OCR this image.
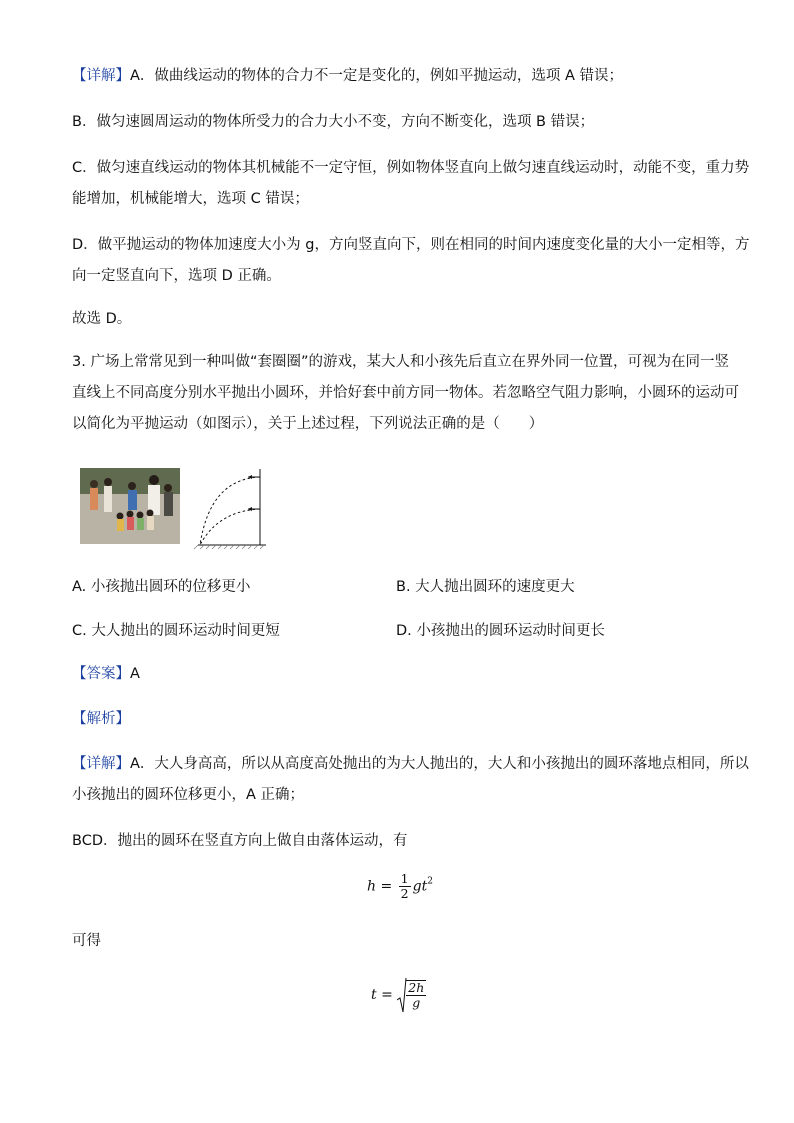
【详解】A．做曲线运动的物体的合力不一定是变化的，例如平抛运动，选项 A 错误；
B．做匀速圆周运动的物体所受力的合力大小不变，方向不断变化，选项 B 错误；
C．做匀速直线运动的物体其机械能不一定守恒，例如物体竖直向上做匀速直线运动时，动能不变，重力势
能增加，机械能增大，选项 C 错误；
D．做平抛运动的物体加速度大小为 g，方向竖直向下，则在相同的时间内速度变化量的大小一定相等，方
向一定竖直向下，选项 D 正确。
故选 D。
3. 广场上常常见到一种叫做“套圈圈”的游戏，某大人和小孩先后直立在界外同一位置，可视为在同一竖
直线上不同高度分别水平抛出小圆环，并恰好套中前方同一物体。若忽略空气阻力影响，小圆环的运动可
以简化为平抛运动（如图示），关于上述过程，下列说法正确的是（　　）
A. 小孩抛出圆环的位移更小	B. 大人抛出圆环的速度更大
C. 大人抛出的圆环运动时间更短	D. 小孩抛出的圆环运动时间更长
【答案】A
【解析】
【详解】A．大人身高高，所以从高度高处抛出的为大人抛出的，大人和小孩抛出的圆环落地点相同，所以
小孩抛出的圆环位移更小，A 正确；
BCD．抛出的圆环在竖直方向上做自由落体运动，有
$h = \frac{1}{2} gt^2$
可得
$t = \frac{2h}{g}$
